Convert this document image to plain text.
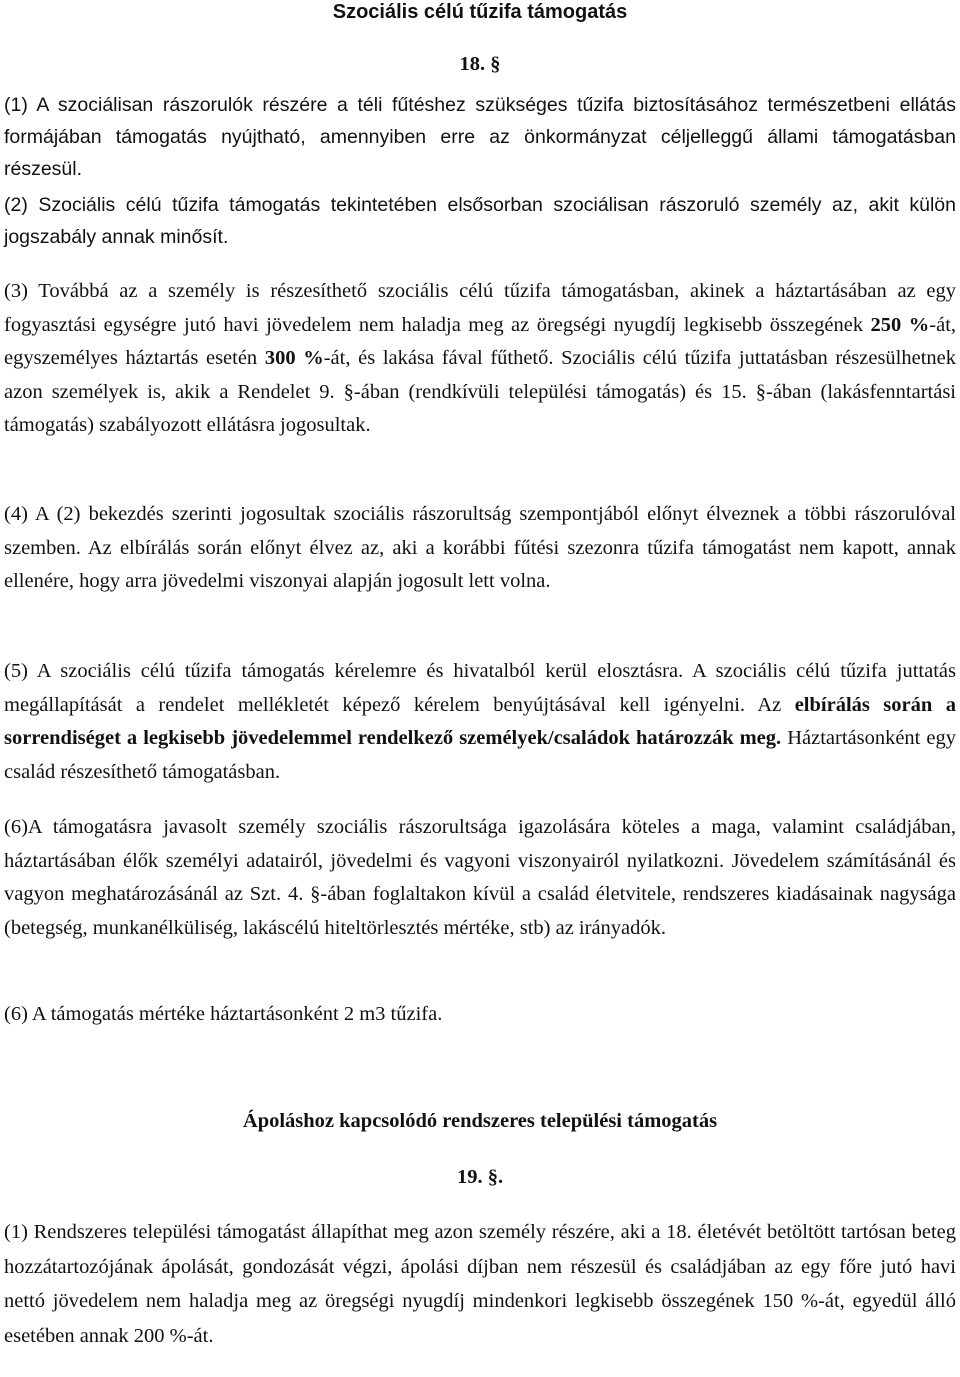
Szociális célú tűzifa támogatás
18. §

(1) A szociálisan rászorulók részére a téli fűtéshez szükséges tűzifa biztosításához természetbeni ellátás formájában támogatás nyújtható, amennyiben erre az önkormányzat céljelleggű állami támogatásban részesül.

(2) Szociális célú tűzifa támogatás tekintetében elsősorban szociálisan rászoruló személy az, akit külön jogszabály annak minősít.

(3) Továbbá az a személy is részesíthető szociális célú tűzifa támogatásban, akinek a háztartásában az egy fogyasztási egységre jutó havi jövedelem nem haladja meg az öregségi nyugdíj legkisebb összegének 250 %-át, egyszemélyes háztartás esetén 300 %-át, és lakása fával fűthető. Szociális célú tűzifa juttatásban részesülhetnek azon személyek is, akik a Rendelet 9. §-ában (rendkívüli települési támogatás) és 15. §-ában (lakásfenntartási támogatás) szabályozott ellátásra jogosultak.

(4) A (2) bekezdés szerinti jogosultak szociális rászorultság szempontjából előnyt élveznek a többi rászorulóval szemben. Az elbírálás során előnyt élvez az, aki a korábbi fűtési szezonra tűzifa támogatást nem kapott, annak ellenére, hogy arra jövedelmi viszonyai alapján jogosult lett volna.

(5) A szociális célú tűzifa támogatás kérelemre és hivatalból kerül elosztásra. A szociális célú tűzifa juttatás megállapítását a rendelet mellékletét képező kérelem benyújtásával kell igényelni. Az elbírálás során a sorrendiséget a legkisebb jövedelemmel rendelkező személyek/családok határozzák meg. Háztartásonként egy család részesíthető támogatásban.

(6)A támogatásra javasolt személy szociális rászorultsága igazolására köteles a maga, valamint családjában, háztartásában élők személyi adatairól, jövedelmi és vagyoni viszonyairól nyilatkozni. Jövedelem számításánál és vagyon meghatározásánál az Szt. 4. §-ában foglaltakon kívül a család életvitele, rendszeres kiadásainak nagysága (betegség, munkanélküliség, lakáscélú hiteltörlesztés mértéke, stb) az irányadók.

(6) A támogatás mértéke háztartásonként 2 m3 tűzifa.

Ápoláshoz kapcsolódó rendszeres települési támogatás
19. §.

(1) Rendszeres települési támogatást állapíthat meg azon személy részére, aki a 18. életévét betöltött tartósan beteg hozzátartozójának ápolását, gondozását végzi, ápolási díjban nem részesül és családjában az egy főre jutó havi nettó jövedelem nem haladja meg az öregségi nyugdíj mindenkori legkisebb összegének 150 %-át, egyedül álló esetében annak 200 %-át.
